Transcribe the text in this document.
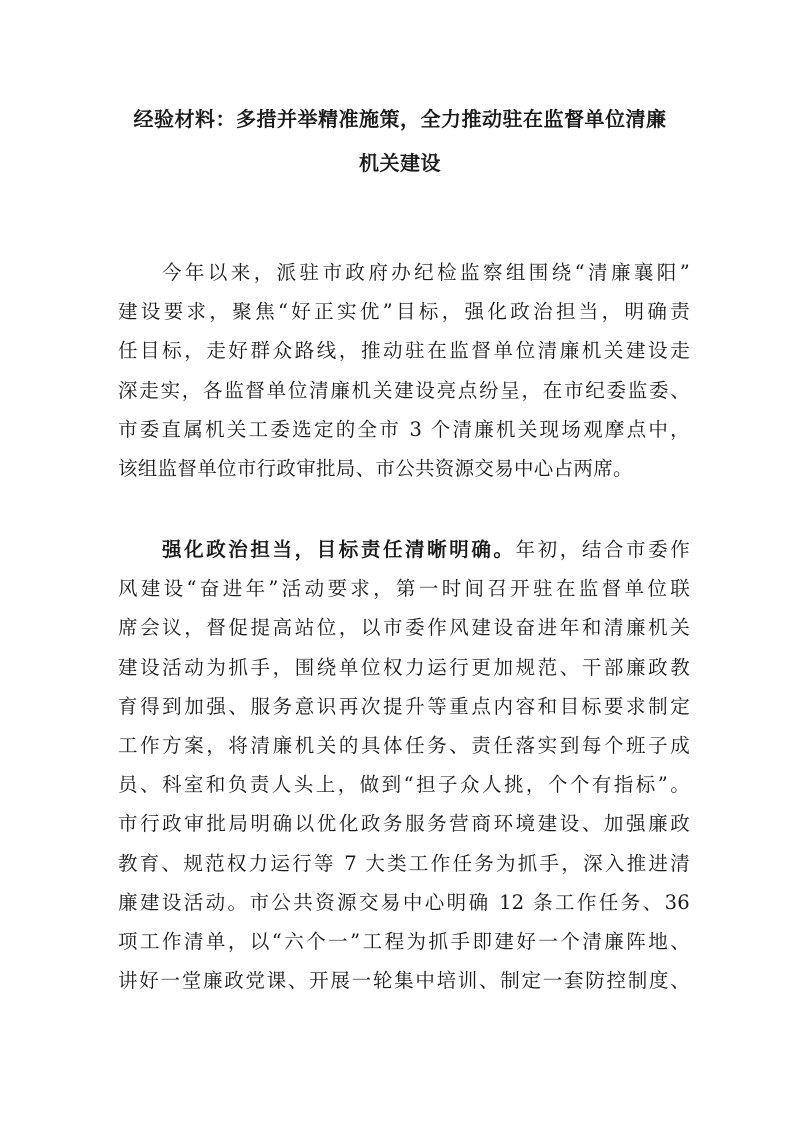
经验材料：多措并举精准施策，全力推动驻在监督单位清廉
机关建设
今年以来，派驻市政府办纪检监察组围绕“清廉襄阳”
建设要求，聚焦“好正实优”目标，强化政治担当，明确责
任目标，走好群众路线，推动驻在监督单位清廉机关建设走
深走实，各监督单位清廉机关建设亮点纷呈，在市纪委监委、
市委直属机关工委选定的全市 3 个清廉机关现场观摩点中，
该组监督单位市行政审批局、市公共资源交易中心占两席。
强化政治担当，目标责任清晰明确。年初，结合市委作
风建设“奋进年”活动要求，第一时间召开驻在监督单位联
席会议，督促提高站位，以市委作风建设奋进年和清廉机关
建设活动为抓手，围绕单位权力运行更加规范、干部廉政教
育得到加强、服务意识再次提升等重点内容和目标要求制定
工作方案，将清廉机关的具体任务、责任落实到每个班子成
员、科室和负责人头上，做到“担子众人挑，个个有指标”。
市行政审批局明确以优化政务服务营商环境建设、加强廉政
教育、规范权力运行等 7 大类工作任务为抓手，深入推进清
廉建设活动。市公共资源交易中心明确 12 条工作任务、36
项工作清单，以“六个一”工程为抓手即建好一个清廉阵地、
讲好一堂廉政党课、开展一轮集中培训、制定一套防控制度、
